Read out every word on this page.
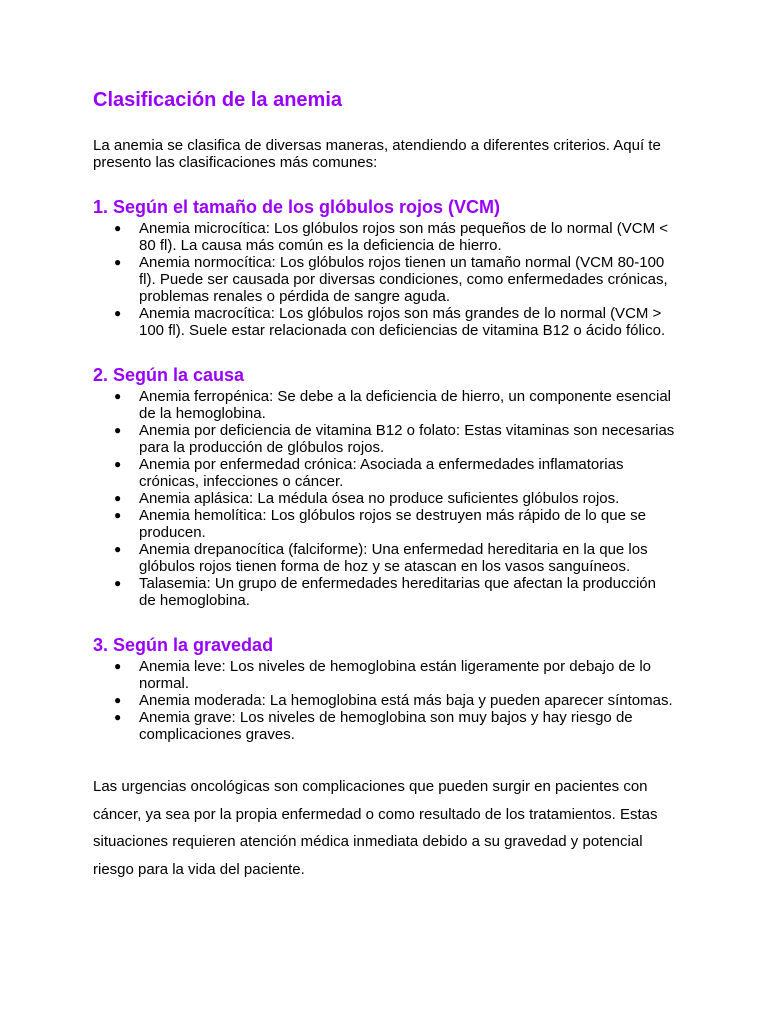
Clasificación de la anemia

La anemia se clasifica de diversas maneras, atendiendo a diferentes criterios. Aquí te presento las clasificaciones más comunes:

1. Según el tamaño de los glóbulos rojos (VCM)
● Anemia microcítica: Los glóbulos rojos son más pequeños de lo normal (VCM < 80 fl). La causa más común es la deficiencia de hierro.
● Anemia normocítica: Los glóbulos rojos tienen un tamaño normal (VCM 80-100 fl). Puede ser causada por diversas condiciones, como enfermedades crónicas, problemas renales o pérdida de sangre aguda.
● Anemia macrocítica: Los glóbulos rojos son más grandes de lo normal (VCM > 100 fl). Suele estar relacionada con deficiencias de vitamina B12 o ácido fólico.
2. Según la causa
● Anemia ferropénica: Se debe a la deficiencia de hierro, un componente esencial de la hemoglobina.
● Anemia por deficiencia de vitamina B12 o folato: Estas vitaminas son necesarias para la producción de glóbulos rojos.
● Anemia por enfermedad crónica: Asociada a enfermedades inflamatorias crónicas, infecciones o cáncer.
● Anemia aplásica: La médula ósea no produce suficientes glóbulos rojos.
● Anemia hemolítica: Los glóbulos rojos se destruyen más rápido de lo que se producen.
● Anemia drepanocítica (falciforme): Una enfermedad hereditaria en la que los glóbulos rojos tienen forma de hoz y se atascan en los vasos sanguíneos.
● Talasemia: Un grupo de enfermedades hereditarias que afectan la producción de hemoglobina.
3. Según la gravedad
● Anemia leve: Los niveles de hemoglobina están ligeramente por debajo de lo normal.
● Anemia moderada: La hemoglobina está más baja y pueden aparecer síntomas.
● Anemia grave: Los niveles de hemoglobina son muy bajos y hay riesgo de complicaciones graves.

Las urgencias oncológicas son complicaciones que pueden surgir en pacientes con cáncer, ya sea por la propia enfermedad o como resultado de los tratamientos. Estas situaciones requieren atención médica inmediata debido a su gravedad y potencial riesgo para la vida del paciente.
